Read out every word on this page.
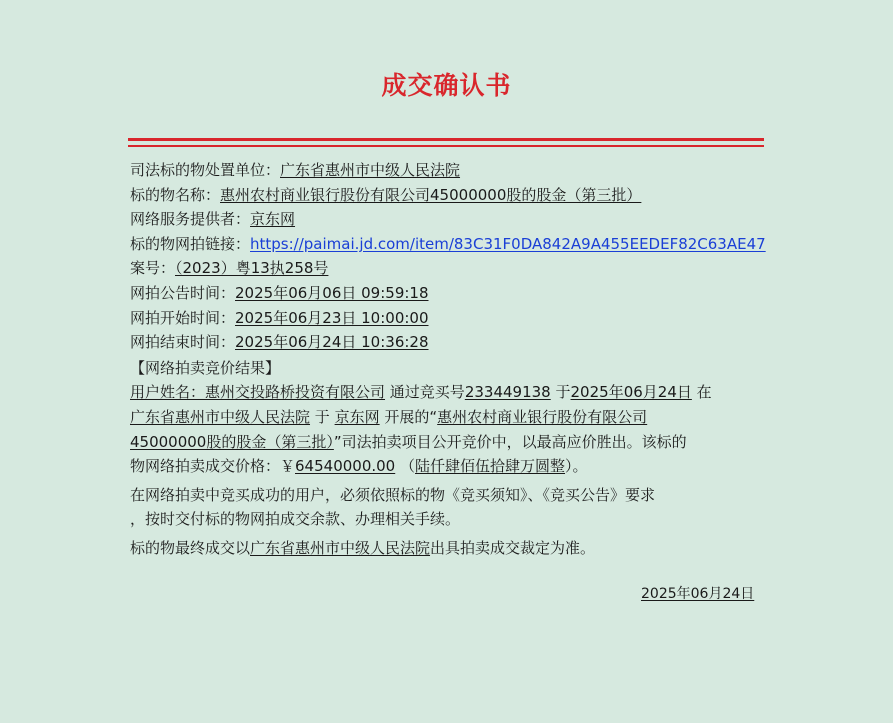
成交确认书
司法标的物处置单位：广东省惠州市中级人民法院
标的物名称：惠州农村商业银行股份有限公司45000000股的股金（第三批）
网络服务提供者：京东网
标的物网拍链接：https://paimai.jd.com/item/83C31F0DA842A9A455EEDEF82C63AE47
案号：（2023）粤13执258号
网拍公告时间：2025年06月06日 09:59:18
网拍开始时间：2025年06月23日 10:00:00
网拍结束时间：2025年06月24日 10:36:28
【网络拍卖竞价结果】
用户姓名：惠州交投路桥投资有限公司 通过竞买号233449138 于2025年06月24日 在
广东省惠州市中级人民法院 于 京东网 开展的“惠州农村商业银行股份有限公司
45000000股的股金（第三批）”司法拍卖项目公开竞价中，以最高应价胜出。该标的
物网络拍卖成交价格：￥64540000.00 （陆仟肆佰伍拾肆万圆整）。
在网络拍卖中竞买成功的用户，必须依照标的物《竞买须知》、《竞买公告》要求
，按时交付标的物网拍成交余款、办理相关手续。
标的物最终成交以广东省惠州市中级人民法院出具拍卖成交裁定为准。
2025年06月24日
